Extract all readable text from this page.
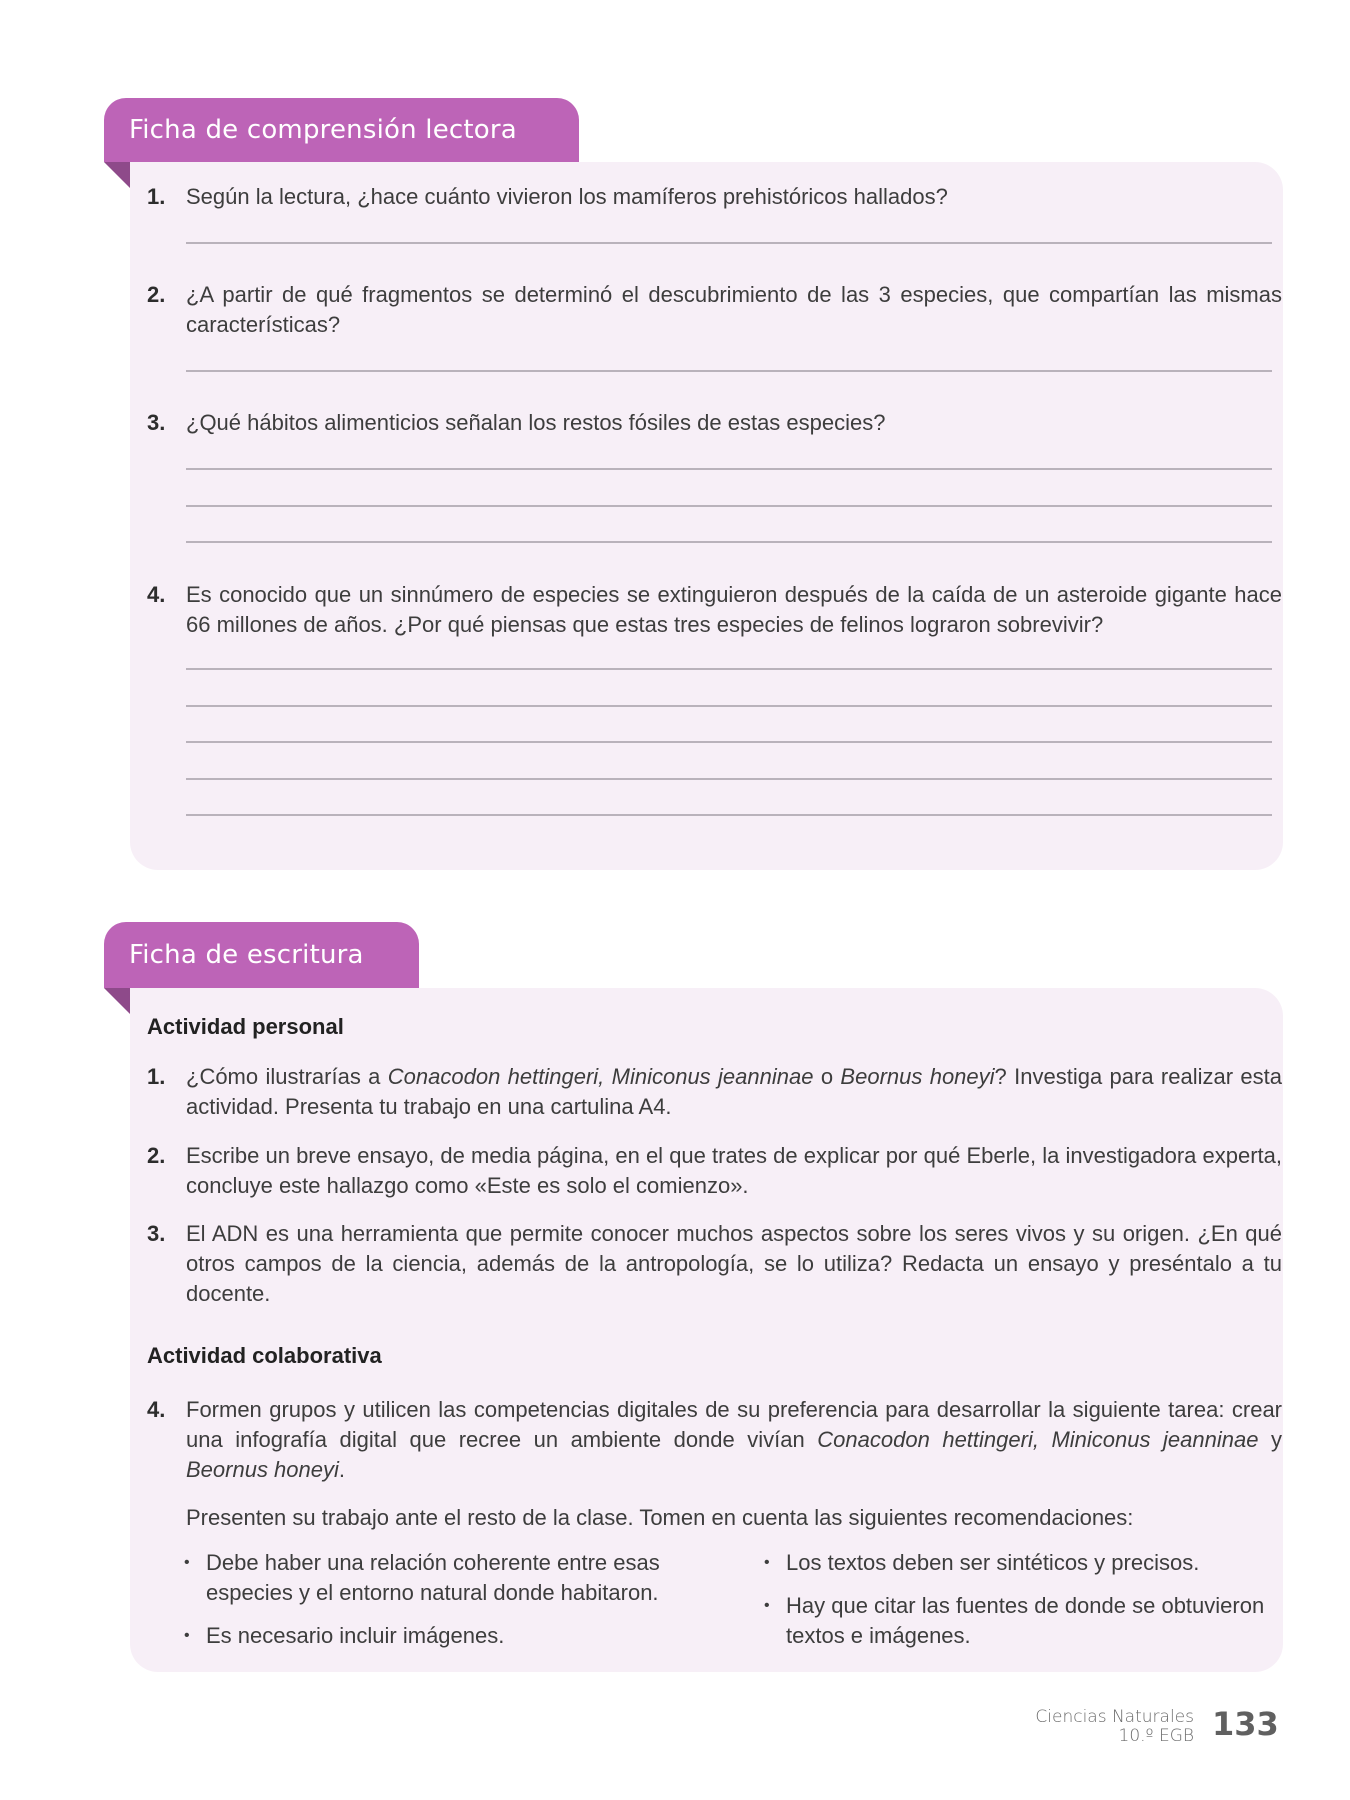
Ficha de comprensión lectora
1. Según la lectura, ¿hace cuánto vivieron los mamíferos prehistóricos hallados?
2. ¿A partir de qué fragmentos se determinó el descubrimiento de las 3 especies, que compartían las mismas características?
3. ¿Qué hábitos alimenticios señalan los restos fósiles de estas especies?
4. Es conocido que un sinnúmero de especies se extinguieron después de la caída de un asteroide gigante hace 66 millones de años. ¿Por qué piensas que estas tres especies de felinos lograron sobrevivir?
Ficha de escritura
Actividad personal
1. ¿Cómo ilustrarías a Conacodon hettingeri, Miniconus jeanninae o Beornus honeyi? Investiga para realizar esta actividad. Presenta tu trabajo en una cartulina A4.
2. Escribe un breve ensayo, de media página, en el que trates de explicar por qué Eberle, la investigadora experta, concluye este hallazgo como «Este es solo el comienzo».
3. El ADN es una herramienta que permite conocer muchos aspectos sobre los seres vivos y su origen. ¿En qué otros campos de la ciencia, además de la antropología, se lo utiliza? Redacta un ensayo y preséntalo a tu docente.
Actividad colaborativa
4. Formen grupos y utilicen las competencias digitales de su preferencia para desarrollar la siguiente tarea: crear una infografía digital que recree un ambiente donde vivían Conacodon hettingeri, Miniconus jeanninae y Beornus honeyi.
Presenten su trabajo ante el resto de la clase. Tomen en cuenta las siguientes recomendaciones:
• Debe haber una relación coherente entre esas especies y el entorno natural donde habitaron.
• Es necesario incluir imágenes.
• Los textos deben ser sintéticos y precisos.
• Hay que citar las fuentes de donde se obtuvieron textos e imágenes.
Ciencias Naturales
10.º EGB 133
